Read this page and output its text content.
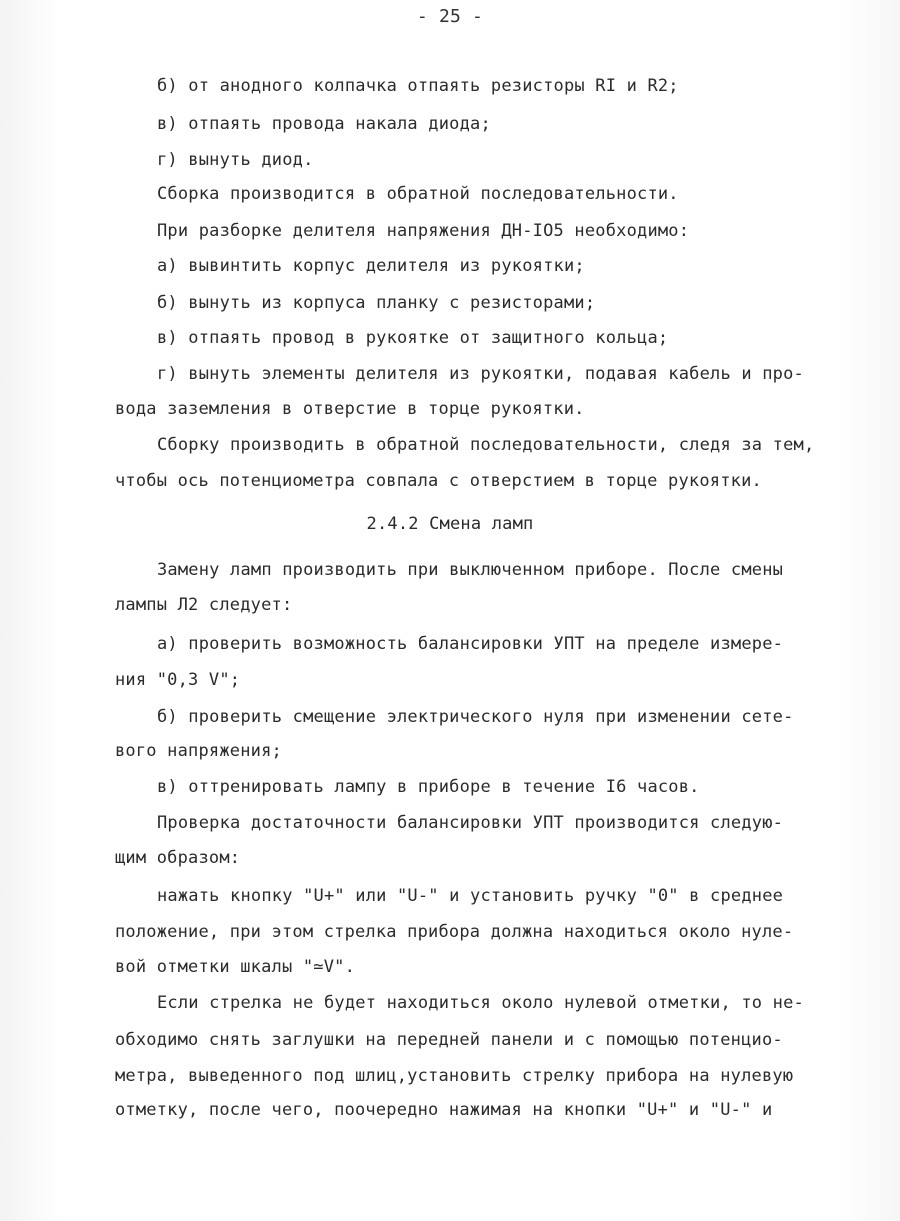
- 25 -
б) от анодного колпачка отпаять резисторы RI и R2;
в) отпаять провода накала диода;
г) вынуть диод.
Сборка производится в обратной последовательности.
При разборке делителя напряжения ДН-IO5 необходимо:
а) вывинтить корпус делителя из рукоятки;
б) вынуть из корпуса планку с резисторами;
в) отпаять провод в рукоятке от защитного кольца;
г) вынуть элементы делителя из рукоятки, подавая кабель и про-
вода заземления в отверстие в торце рукоятки.
Сборку производить в обратной последовательности, следя за тем,
чтобы ось потенциометра совпала с отверстием в торце рукоятки.
2.4.2 Смена ламп
Замену ламп производить при выключенном приборе. После смены
лампы Л2 следует:
а) проверить возможность балансировки УПТ на пределе измере-
ния "0,3 V";
б) проверить смещение электрического нуля при изменении сете-
вого напряжения;
в) оттренировать лампу в приборе в течение I6 часов.
Проверка достаточности балансировки УПТ производится следую-
щим образом:
нажать кнопку "U+" или "U-" и установить ручку "0" в среднее
положение, при этом стрелка прибора должна находиться около нуле-
вой отметки шкалы "≃V".
Если стрелка не будет находиться около нулевой отметки, то не-
обходимо снять заглушки на передней панели и с помощью потенцио-
метра, выведенного под шлиц,установить стрелку прибора на нулевую
отметку, после чего, поочередно нажимая на кнопки "U+" и "U-" и
